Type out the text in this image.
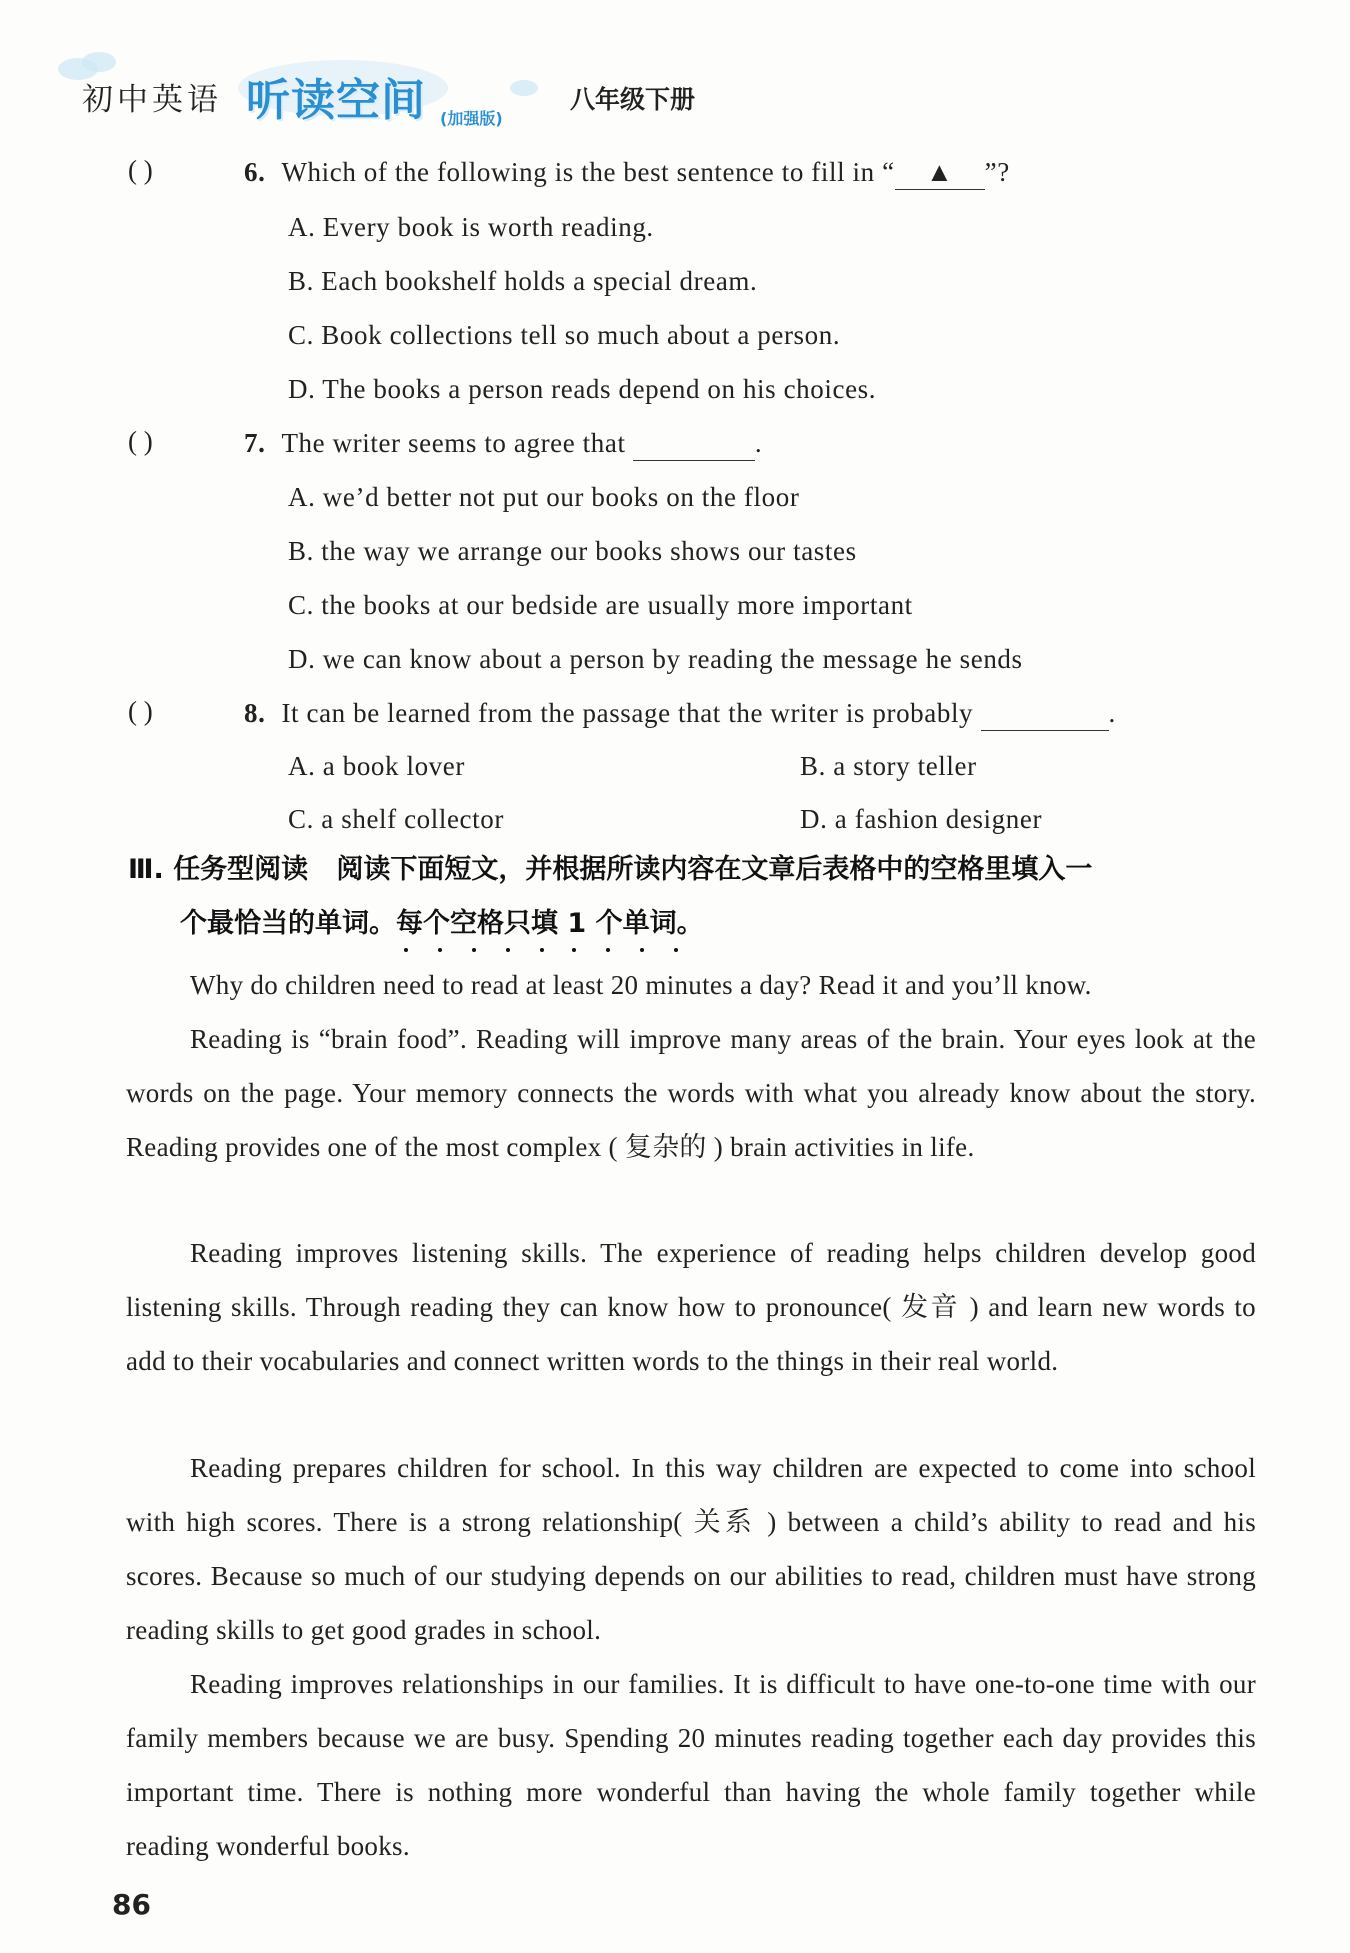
初中英语 听读空间 (加强版)
八年级下册
( )	6. Which of the following is the best sentence to fill in “ ▲ ”?
A. Every book is worth reading.
B. Each bookshelf holds a special dream.
C. Book collections tell so much about a person.
D. The books a person reads depend on his choices.
( )	7. The writer seems to agree that	.
A. we’d better not put our books on the floor
B. the way we arrange our books shows our tastes
C. the books at our bedside are usually more important
D. we can know about a person by reading the message he sends
( )	8. It can be learned from the passage that the writer is probably	.
A. a book lover	B. a story teller
C. a shelf collector	D. a fashion designer
Ⅲ. 任务型阅读 阅读下面短文，并根据所读内容在文章后表格中的空格里填入一
个最恰当的单词。每个空格只填 1 个单词
。

Why do children need to read at least 20 minutes a day? Read it and you’ll know.

Reading is “brain food”. Reading will improve many areas of the brain. Your eyes look at the words on the page. Your memory connects the words with what you already know about the story. Reading provides one of the most complex ( 复杂的 ) brain activities in life.

Reading improves listening skills. The experience of reading helps children develop good listening skills. Through reading they can know how to pronounce( 发音 ) and learn new words to add to their vocabularies and connect written words to the things in their real world.

Reading prepares children for school. In this way children are expected to come into school with high scores. There is a strong relationship( 关系 ) between a child’s ability to read and his scores. Because so much of our studying depends on our abilities to read, children must have strong reading skills to get good grades in school.

Reading improves relationships in our families. It is difficult to have one-to-one time with our family members because we are busy. Spending 20 minutes reading together each day provides this important time. There is nothing more wonderful than having the whole family together while reading wonderful books.

86
